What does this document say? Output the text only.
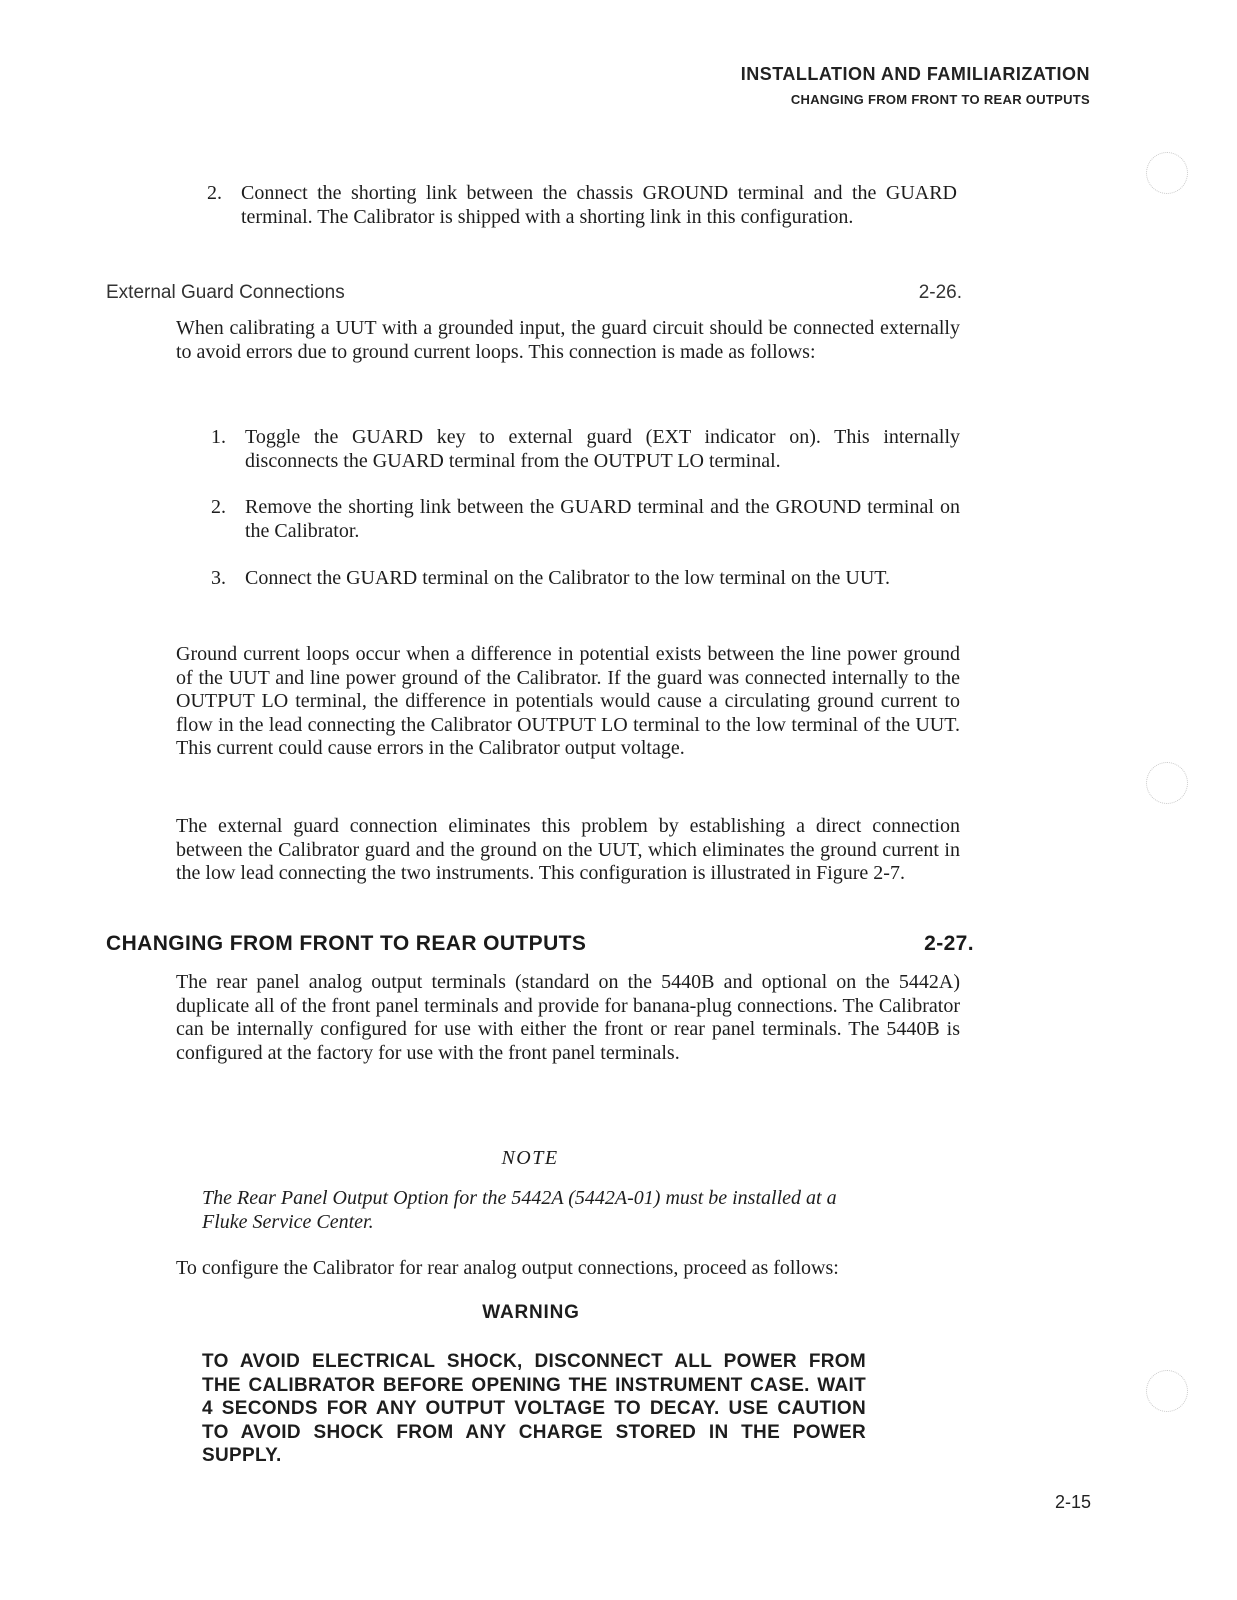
INSTALLATION AND FAMILIARIZATION
CHANGING FROM FRONT TO REAR OUTPUTS
2. Connect the shorting link between the chassis GROUND terminal and the GUARD terminal. The Calibrator is shipped with a shorting link in this configuration.
External Guard Connections	2-26.
When calibrating a UUT with a grounded input, the guard circuit should be connected externally to avoid errors due to ground current loops. This connection is made as follows:
1. Toggle the GUARD key to external guard (EXT indicator on). This internally disconnects the GUARD terminal from the OUTPUT LO terminal.
2. Remove the shorting link between the GUARD terminal and the GROUND terminal on the Calibrator.
3. Connect the GUARD terminal on the Calibrator to the low terminal on the UUT.
Ground current loops occur when a difference in potential exists between the line power ground of the UUT and line power ground of the Calibrator. If the guard was connected internally to the OUTPUT LO terminal, the difference in potentials would cause a circulating ground current to flow in the lead connecting the Calibrator OUTPUT LO terminal to the low terminal of the UUT. This current could cause errors in the Calibrator output voltage.
The external guard connection eliminates this problem by establishing a direct connection between the Calibrator guard and the ground on the UUT, which eliminates the ground current in the low lead connecting the two instruments. This configuration is illustrated in Figure 2-7.
CHANGING FROM FRONT TO REAR OUTPUTS	2-27.
The rear panel analog output terminals (standard on the 5440B and optional on the 5442A) duplicate all of the front panel terminals and provide for banana-plug connections. The Calibrator can be internally configured for use with either the front or rear panel terminals. The 5440B is configured at the factory for use with the front panel terminals.
NOTE
The Rear Panel Output Option for the 5442A (5442A-01) must be installed at a Fluke Service Center.
To configure the Calibrator for rear analog output connections, proceed as follows:
WARNING
TO AVOID ELECTRICAL SHOCK, DISCONNECT ALL POWER FROM THE CALIBRATOR BEFORE OPENING THE INSTRUMENT CASE. WAIT 4 SECONDS FOR ANY OUTPUT VOLTAGE TO DECAY. USE CAUTION TO AVOID SHOCK FROM ANY CHARGE STORED IN THE POWER SUPPLY.
2-15
